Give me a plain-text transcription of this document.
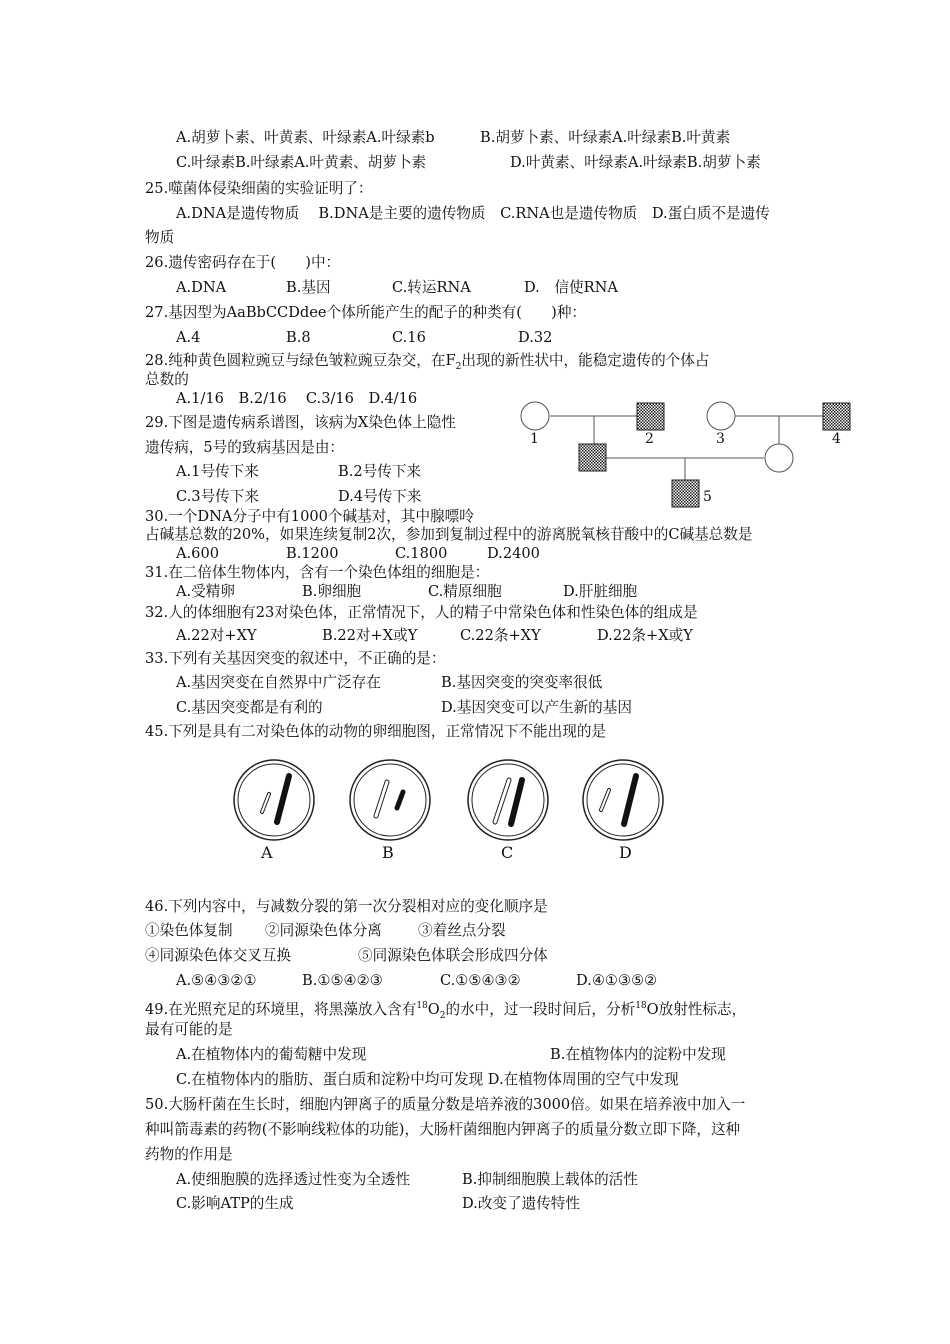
A.胡萝卜素、叶黄素、叶绿素A.叶绿素b	B.胡萝卜素、叶绿素A.叶绿素B.叶黄素
C.叶绿素B.叶绿素A.叶黄素、胡萝卜素	D.叶黄素、叶绿素A.叶绿素B.胡萝卜素
25.噬菌体侵染细菌的实验证明了：
A.DNA是遗传物质　 B.DNA是主要的遗传物质　C.RNA也是遗传物质　D.蛋白质不是遗传
物质
26.遗传密码存在于(　　)中：
A.DNA	B.基因	C.转运RNA	D.　信使RNA
27.基因型为AaBbCCDdee个体所能产生的配子的种类有(　　)种：
A.4	B.8	C.16	D.32
28.纯种黄色圆粒豌豆与绿色皱粒豌豆杂交，在$F_2$出现的新性状中，能稳定遗传的个体占
总数的
A.1/16　B.2/16　 C.3/16　D.4/16
29.下图是遗传病系谱图，该病为X染色体上隐性
遗传病，5号的致病基因是由：
A.1号传下来	B.2号传下来
C.3号传下来	D.4号传下来
1	2	3	4
5
30.一个DNA分子中有1000个碱基对，其中腺嘌呤
占碱基总数的20%，如果连续复制2次，参加到复制过程中的游离脱氧核苷酸中的C碱基总数是
A.600	B.1200	C.1800	D.2400
31.在二倍体生物体内，含有一个染色体组的细胞是：
A.受精卵	B.卵细胞	C.精原细胞	D.肝脏细胞
32.人的体细胞有23对染色体，正常情况下，人的精子中常染色体和性染色体的组成是
A.22对+XY	B.22对+X或Y	C.22条+XY	D.22条+X或Y
33.下列有关基因突变的叙述中，不正确的是：
A.基因突变在自然界中广泛存在	B.基因突变的突变率很低
C.基因突变都是有利的	D.基因突变可以产生新的基因
45.下列是具有二对染色体的动物的卵细胞图，正常情况下不能出现的是
A	B	C	D
46.下列内容中，与减数分裂的第一次分裂相对应的变化顺序是
①染色体复制 ②同源染色体分离 ③着丝点分裂
④同源染色体交叉互换	⑤同源染色体联会形成四分体
A.⑤④③②①	B.①⑤④②③	C.①⑤④③②	D.④①③⑤②
49.在光照充足的环境里，将黑藻放入含有$^{18}O_2$的水中，过一段时间后，分析$^{18}$O放射性标志，
最有可能的是
A.在植物体内的葡萄糖中发现	B.在植物体内的淀粉中发现
C.在植物体内的脂肪、蛋白质和淀粉中均可发现 D.在植物体周围的空气中发现
50.大肠杆菌在生长时，细胞内钾离子的质量分数是培养液的3000倍。如果在培养液中加入一
种叫箭毒素的药物(不影响线粒体的功能)，大肠杆菌细胞内钾离子的质量分数立即下降，这种
药物的作用是
A.使细胞膜的选择透过性变为全透性	B.抑制细胞膜上载体的活性
C.影响ATP的生成	D.改变了遗传特性
